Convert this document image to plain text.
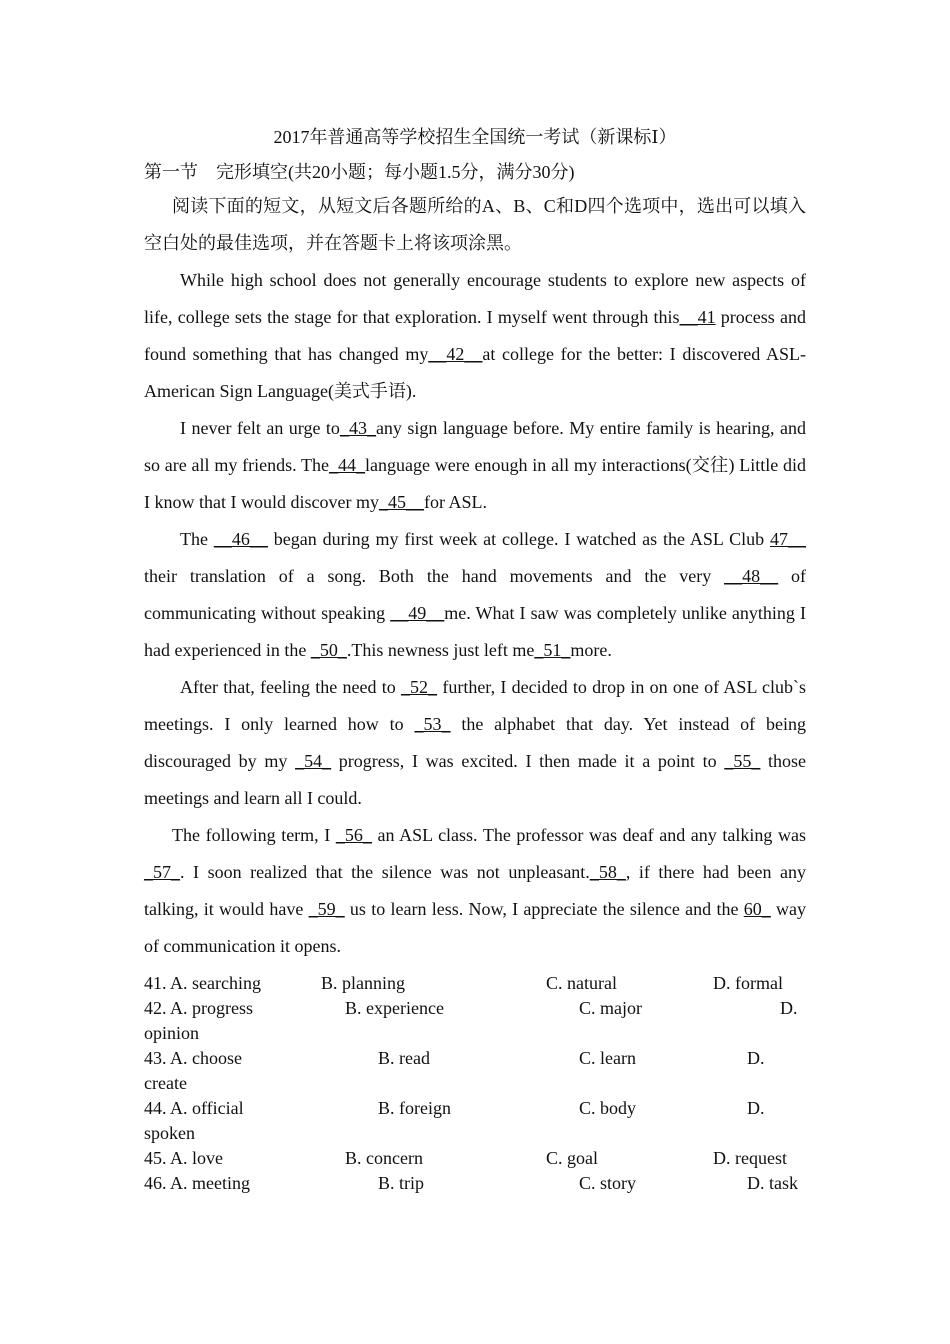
2017年普通高等学校招生全国统一考试（新课标Ⅰ）

第一节 完形填空(共20小题；每小题1.5分，满分30分)

阅读下面的短文，从短文后各题所给的A、B、C和D四个选项中，选出可以填入空白处的最佳选项，并在答题卡上将该项涂黑。

While high school does not generally encourage students to explore new aspects of life, college sets the stage for that exploration. I myself went through this__41 process and found something that has changed my__42__at college for the better: I discovered ASL-American Sign Language(美式手语).

I never felt an urge to_43_any sign language before. My entire family is hearing, and so are all my friends. The_44_language were enough in all my interactions(交往) Little did I know that I would discover my_45__for ASL.

The __46__ began during my first week at college. I watched as the ASL Club 47__ their translation of a song. Both the hand movements and the very __48__ of communicating without speaking __49__me. What I saw was completely unlike anything I had experienced in the _50_.This newness just left me_51_more.

After that, feeling the need to _52_ further, I decided to drop in on one of ASL club`s meetings. I only learned how to _53_ the alphabet that day. Yet instead of being discouraged by my _54_ progress, I was excited. I then made it a point to _55_ those meetings and learn all I could.

The following term, I _56_ an ASL class. The professor was deaf and any talking was _57_. I soon realized that the silence was not unpleasant._58_, if there had been any talking, it would have _59_ us to learn less. Now, I appreciate the silence and the 60_ way of communication it opens.

41. A. searching	B. planning	C. natural	D. formal
42. A. progress	B. experience	C. major	D.
opinion
43. A. choose	B. read	C. learn	D.
create
44. A. official	B. foreign	C. body	D.
spoken
45. A. love	B. concern	C. goal	D. request
46. A. meeting	B. trip	C. story	D. task
